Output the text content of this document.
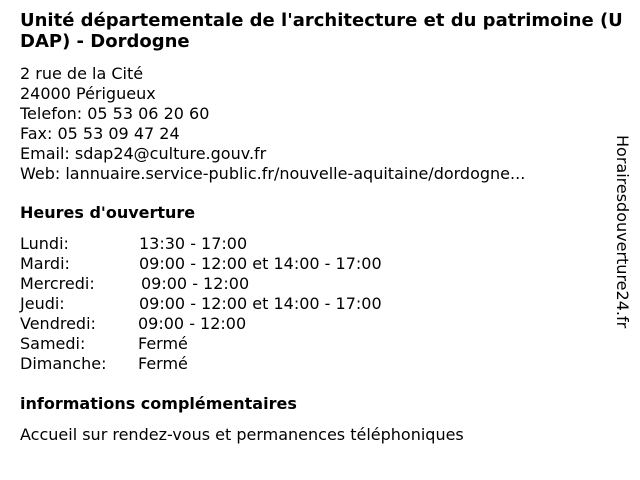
Unité départementale de l'architecture et du patrimoine (UDAP) - Dordogne
2 rue de la Cité
24000 Périgueux
Telefon: 05 53 06 20 60
Fax: 05 53 09 47 24
Email: sdap24@culture.gouv.fr
Web: lannuaire.service-public.fr/nouvelle-aquitaine/dordogne...
Heures d'ouverture
Lundi:	13:30 - 17:00
Mardi:	09:00 - 12:00 et 14:00 - 17:00
Mercredi:	09:00 - 12:00
Jeudi:	09:00 - 12:00 et 14:00 - 17:00
Vendredi:	09:00 - 12:00
Samedi:	Fermé
Dimanche: Fermé
informations complémentaires
Accueil sur rendez-vous et permanences téléphoniques
Horairesdouverture24.fr
